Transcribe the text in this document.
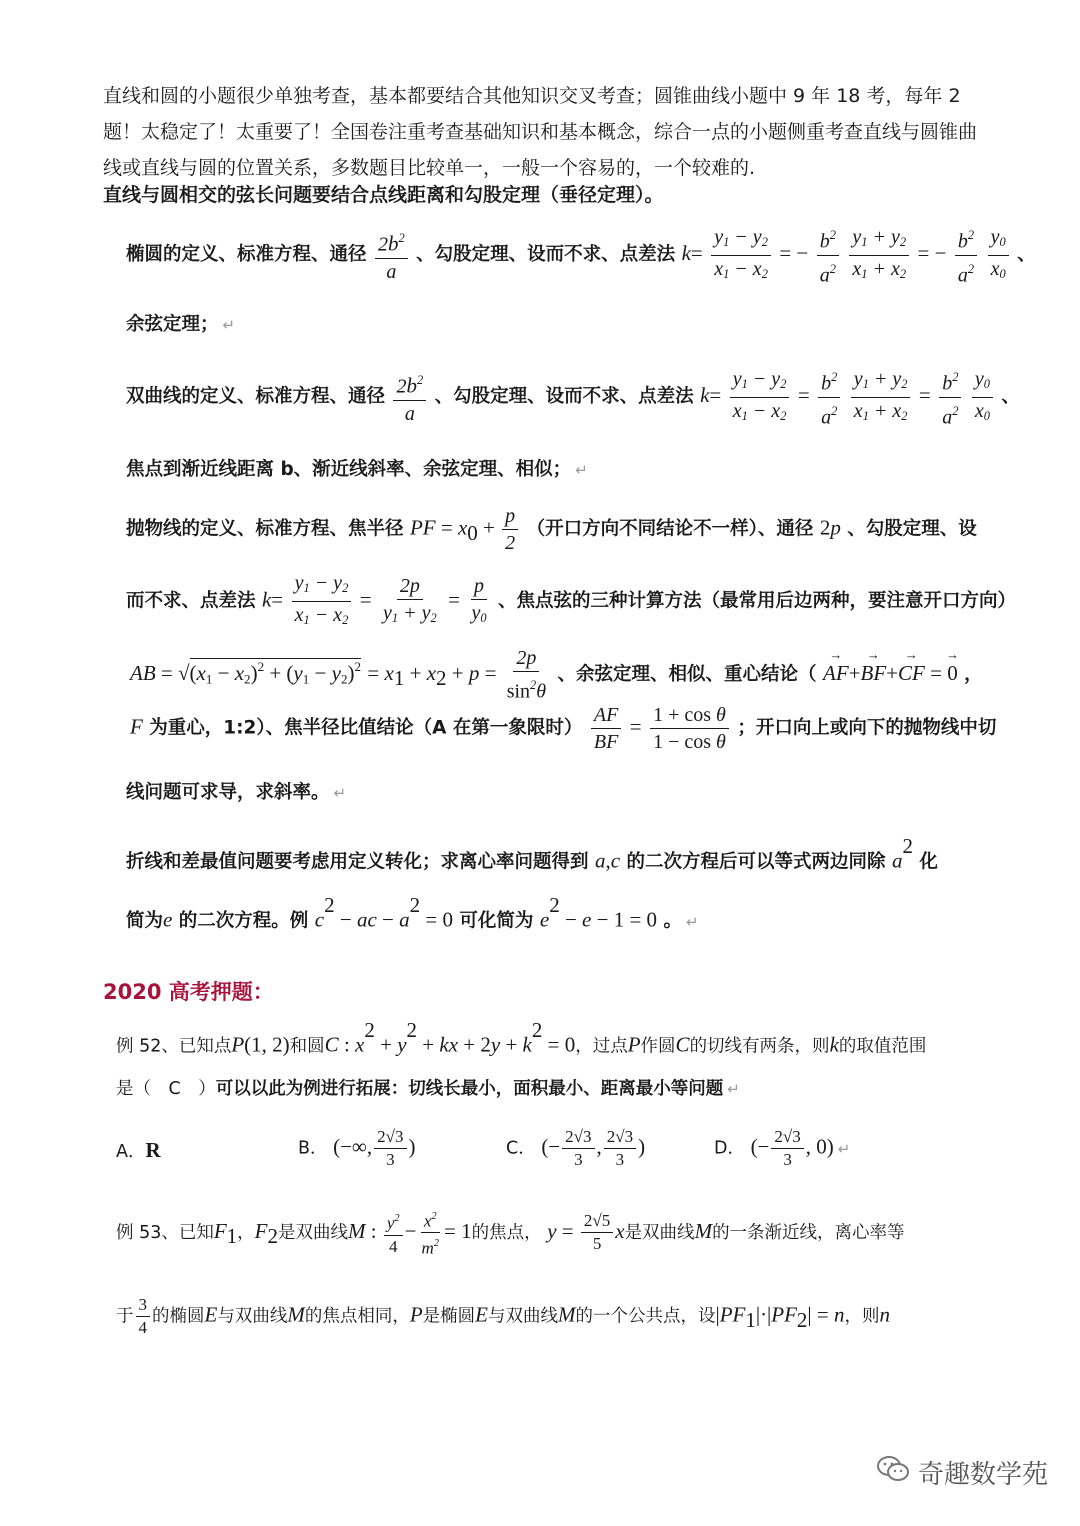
直线和圆的小题很少单独考查，基本都要结合其他知识交叉考查；圆锥曲线小题中 9 年 18 考，每年 2 题！太稳定了！太重要了！全国卷注重考查基础知识和基本概念，综合一点的小题侧重考查直线与圆锥曲线或直线与圆的位置关系，多数题目比较单一，一般一个容易的，一个较难的.

直线与圆相交的弦长问题要结合点线距离和勾股定理（垂径定理）。

椭圆的定义、标准方程、通径 $\frac{2b^2}{a}$ 、勾股定理、设而不求、点差法 $k= \frac{y_1 - y_2}{x_1 - x_2}$ = − $\frac{b^2}{a^2}$
$\frac{y_1 + y_2}{x_1 + x_2}$ = − $\frac{b^2}{a^2}$
$\frac{y_0}{x_0}$ 、
余弦定理； ↵
双曲线的定义、标准方程、通径 $\frac{2b^2}{a}$ 、勾股定理、设而不求、点差法 $k= \frac{y_1 - y_2}{x_1 - x_2} = \frac{b^2}{a^2}$
$\frac{y_1 + y_2}{x_1 + x_2} = \frac{b^2}{a^2}$
$\frac{y_0}{x_0}$ 、
焦点到渐近线距离 b、渐近线斜率、余弦定理、相似； ↵
抛物线的定义、标准方程、焦半径 PF = $x_0 + \frac{p}{2}$ （开口方向不同结论不一样）、通径 2p 、勾股定理、设
而不求、点差法 $k= \frac{y_1 - y_2}{x_1 - x_2} = \frac{2p}{y_1 + y_2} = \frac{p}{y_0}$ 、焦点弦的三种计算方法（最常用后边两种，要注意开口方向）
AB = $√(x_1 - x_2)^2 + (y_1 - y_2)^2 = x_1 + x_2 + p = \frac{2p}{\sin^2\theta}$ 、余弦定理、相似、重心结论（ → AF+→ BF+→ CF = → 0 ，
F 为重心，1:2）、焦半径比值结论（A 在第一象限时） $\frac{AF}{BF} = \frac{\text{1 + cos θ}}{\text{1 − cos θ}}$ ；开口向上或向下的抛物线中切
线问题可求导，求斜率。 ↵
折线和差最值问题要考虑用定义转化；求离心率问题得到 a,c 的二次方程后可以等式两边同除 $a^2$ 化
简为e 的二次方程。例 $c^2$ − ac − $a^2 = 0$ 可化简为 $e^2 - e - 1 = 0$ 。 ↵

2020 高考押题：

例 52、已知点P(1, 2)和圆C : $x^2 + y^2$ + kx + $2y + k^2 = 0$，过点P作圆C的切线有两条，则k的取值范围
是（　C　）可以以此为例进行拓展：切线长最小，面积最小、距离最小等问题 ↵
A．R	B． (−∞, $\frac{2√3}{3}$ )	C． (− $\frac{2√3}{3}$ , $\frac{2√3}{3}$ )	D． (− $\frac{2√3}{3}$ , 0) ↵
例 53、已知$F_1$，$F_2$是双曲线M : $\frac{y^2}{4} - \frac{x^2}{m^2} = 1$的焦点， $y = \frac{2√5}{5}$ x是双曲线M的一条渐近线，离心率等
于 $\frac{3}{4}$ 的椭圆E与双曲线M的焦点相同，P是椭圆E与双曲线M的一个公共点，设$|PF_1|\cdot|PF_2| = n$，则n
奇趣数学苑
